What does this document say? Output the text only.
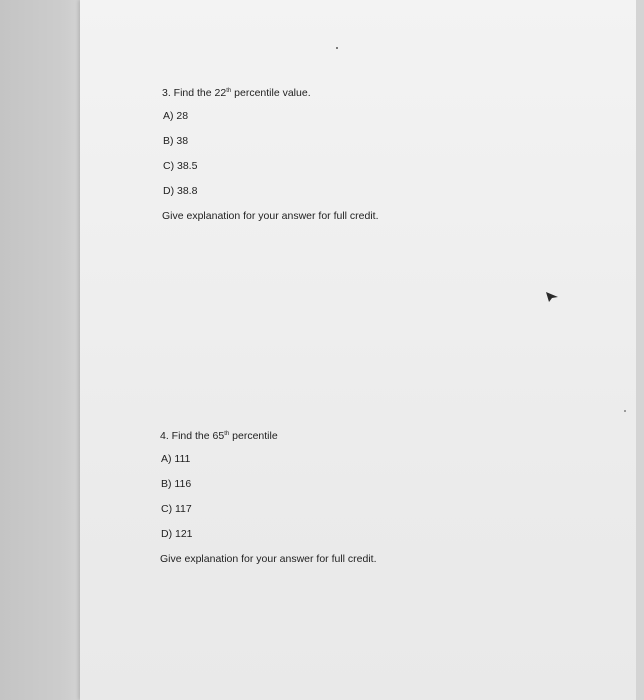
3. Find the 22th percentile value.
A) 28
B) 38
C) 38.5
D) 38.8
Give explanation for your answer for full credit.
4. Find the 65th percentile
A) 111
B) 116
C) 117
D) 121
Give explanation for your answer for full credit.
